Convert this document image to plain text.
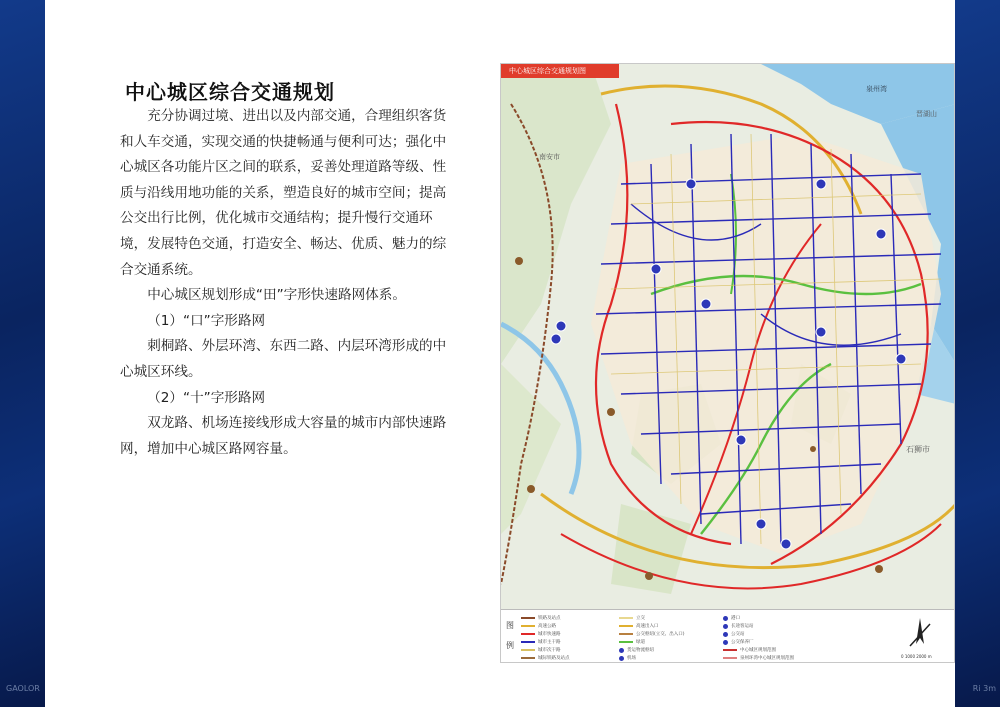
GAOLOR	Ri 3m
中心城区综合交通规划

充分协调过境、进出以及内部交通，合理组织客货和人车交通，实现交通的快捷畅通与便利可达；强化中心城区各功能片区之间的联系，妥善处理道路等级、性质与沿线用地功能的关系，塑造良好的城市空间；提高公交出行比例，优化城市交通结构；提升慢行交通环境，发展特色交通，打造安全、畅达、优质、魅力的综合交通系统。

中心城区规划形成“田”字形快速路网体系。

（1）“口”字形路网

刺桐路、外层环湾、东西二路、内层环湾形成的中心城区环线。

（2）“十”字形路网

双龙路、机场连接线形成大容量的城市内部快速路网，增加中心城区路网容量。

中心城区综合交通规划图
南安市
石狮市
晋湖山
泉州湾
图例
铁路及站点
高速公路
城市快速路
城市主干路
城市次干路
城际铁路及站点
立交
高速出入口
公交枢纽(立交、出入口)
绿道
货运物流枢纽
机场
港口
长途客运站
公交站
公交保养厂
中心城区规划范围
泉州环湾中心城区规划范围	0 1000 2000 m
